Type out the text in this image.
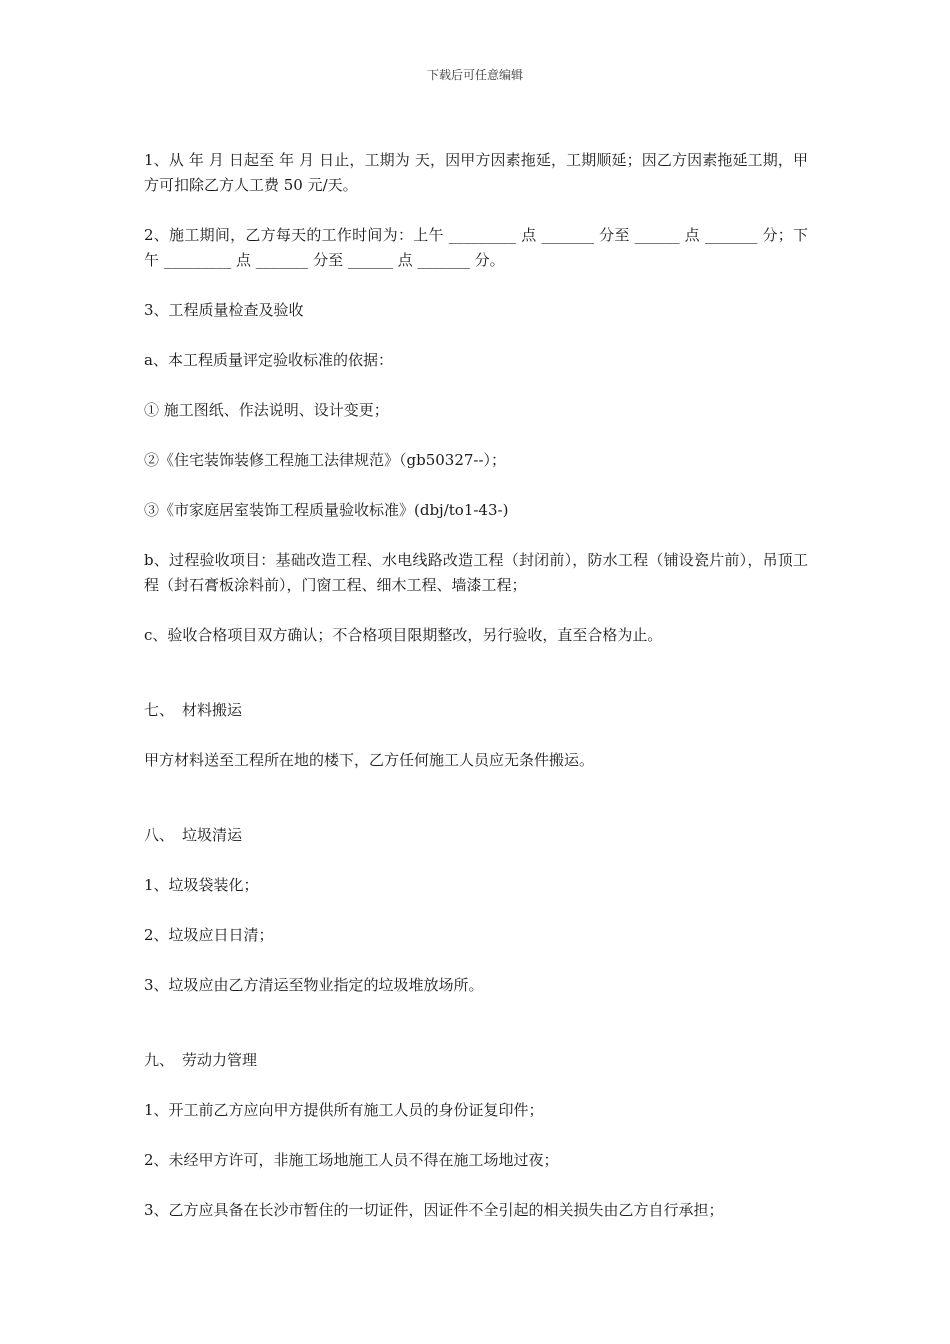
下载后可任意编辑

1、从 年 月 日起至 年 月 日止，工期为 天，因甲方因素拖延，工期顺延；因乙方因素拖延工期，甲方可扣除乙方人工费 50 元/天。

2、施工期间，乙方每天的工作时间为：上午 _________ 点 _______ 分至 ______ 点 _______ 分；下午 _________ 点 _______ 分至 ______ 点 _______ 分。

3、工程质量检查及验收

a、本工程质量评定验收标准的依据：

① 施工图纸、作法说明、设计变更；

②《住宅装饰装修工程施工法律规范》（gb50327--）；

③《市家庭居室装饰工程质量验收标准》(dbj/to1-43-)

b、过程验收项目：基础改造工程、水电线路改造工程（封闭前），防水工程（铺设瓷片前），吊顶工程（封石膏板涂料前），门窗工程、细木工程、墙漆工程；

c、验收合格项目双方确认；不合格项目限期整改，另行验收，直至合格为止。

七、 材料搬运

甲方材料送至工程所在地的楼下，乙方任何施工人员应无条件搬运。

八、 垃圾清运

1、垃圾袋装化；

2、垃圾应日日清；

3、垃圾应由乙方清运至物业指定的垃圾堆放场所。

九、 劳动力管理

1、开工前乙方应向甲方提供所有施工人员的身份证复印件；

2、未经甲方许可，非施工场地施工人员不得在施工场地过夜；

3、乙方应具备在长沙市暂住的一切证件，因证件不全引起的相关损失由乙方自行承担；
